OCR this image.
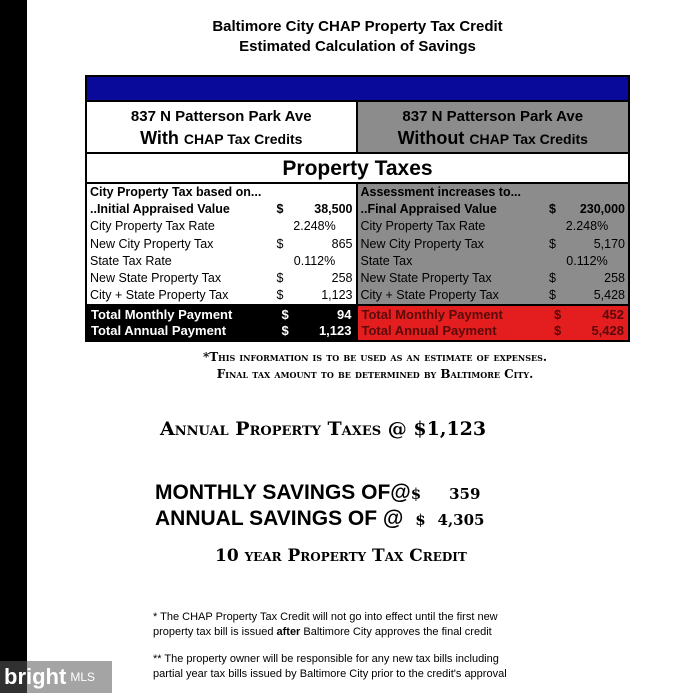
Baltimore City CHAP Property Tax Credit
Estimated Calculation of Savings
837 N Patterson Park Ave
With CHAP Tax Credits
837 N Patterson Park Ave
Without CHAP Tax Credits
Property Taxes
City Property Tax based on...
..Initial Appraised Value	$	38,500
City Property Tax Rate	2.248%
New City Property Tax	$	865
State Tax Rate	0.112%
New State Property Tax	$	258
City + State Property Tax	$	1,123
Total Monthly Payment	$	94
Total Annual Payment	$	1,123
Assessment increases to...
..Final Appraised Value	$	230,000
City Property Tax Rate	2.248%
New City Property Tax	$	5,170
State Tax	0.112%
New State Property Tax	$	258
City + State Property Tax	$	5,428
Total Monthly Payment	$	452
Total Annual Payment	$	5,428
*This information is to be used as an estimate of expenses.
Final tax amount to be determined by Baltimore City.
Annual Property Taxes @ $1,123
MONTHLY SAVINGS OF@$ 359
ANNUAL SAVINGS OF @ $ 4,305
10 year Property Tax Credit
* The CHAP Property Tax Credit will not go into effect until the first new
property tax bill is issued after Baltimore City approves the final credit
** The property owner will be responsible for any new tax bills including
partial year tax bills issued by Baltimore City prior to the credit's approval
bright MLS
